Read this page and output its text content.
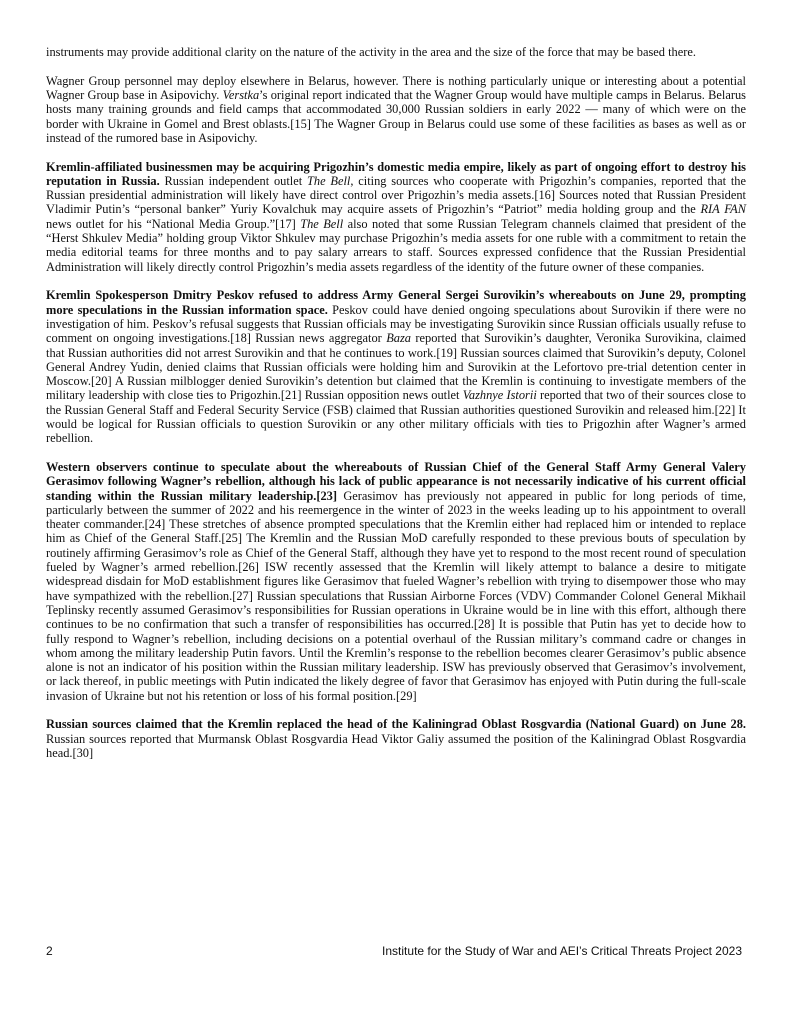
instruments may provide additional clarity on the nature of the activity in the area and the size of the force that may be based there.

Wagner Group personnel may deploy elsewhere in Belarus, however. There is nothing particularly unique or interesting about a potential Wagner Group base in Asipovichy. Verstka’s original report indicated that the Wagner Group would have multiple camps in Belarus. Belarus hosts many training grounds and field camps that accommodated 30,000 Russian soldiers in early 2022 — many of which were on the border with Ukraine in Gomel and Brest oblasts.[15] The Wagner Group in Belarus could use some of these facilities as bases as well as or instead of the rumored base in Asipovichy.

Kremlin-affiliated businessmen may be acquiring Prigozhin’s domestic media empire, likely as part of ongoing effort to destroy his reputation in Russia. Russian independent outlet The Bell, citing sources who cooperate with Prigozhin’s companies, reported that the Russian presidential administration will likely have direct control over Prigozhin’s media assets.[16] Sources noted that Russian President Vladimir Putin’s “personal banker” Yuriy Kovalchuk may acquire assets of Prigozhin’s “Patriot” media holding group and the RIA FAN news outlet for his “National Media Group.”[17] The Bell also noted that some Russian Telegram channels claimed that president of the “Herst Shkulev Media” holding group Viktor Shkulev may purchase Prigozhin’s media assets for one ruble with a commitment to retain the media editorial teams for three months and to pay salary arrears to staff. Sources expressed confidence that the Russian Presidential Administration will likely directly control Prigozhin’s media assets regardless of the identity of the future owner of these companies.

Kremlin Spokesperson Dmitry Peskov refused to address Army General Sergei Surovikin’s whereabouts on June 29, prompting more speculations in the Russian information space. Peskov could have denied ongoing speculations about Surovikin if there were no investigation of him. Peskov’s refusal suggests that Russian officials may be investigating Surovikin since Russian officials usually refuse to comment on ongoing investigations.[18] Russian news aggregator Baza reported that Surovikin’s daughter, Veronika Surovikina, claimed that Russian authorities did not arrest Surovikin and that he continues to work.[19] Russian sources claimed that Surovikin’s deputy, Colonel General Andrey Yudin, denied claims that Russian officials were holding him and Surovikin at the Lefortovo pre-trial detention center in Moscow.[20] A Russian milblogger denied Surovikin’s detention but claimed that the Kremlin is continuing to investigate members of the military leadership with close ties to Prigozhin.[21] Russian opposition news outlet Vazhnye Istorii reported that two of their sources close to the Russian General Staff and Federal Security Service (FSB) claimed that Russian authorities questioned Surovikin and released him.[22] It would be logical for Russian officials to question Surovikin or any other military officials with ties to Prigozhin after Wagner’s armed rebellion.

Western observers continue to speculate about the whereabouts of Russian Chief of the General Staff Army General Valery Gerasimov following Wagner’s rebellion, although his lack of public appearance is not necessarily indicative of his current official standing within the Russian military leadership.[23] Gerasimov has previously not appeared in public for long periods of time, particularly between the summer of 2022 and his reemergence in the winter of 2023 in the weeks leading up to his appointment to overall theater commander.[24] These stretches of absence prompted speculations that the Kremlin either had replaced him or intended to replace him as Chief of the General Staff.[25] The Kremlin and the Russian MoD carefully responded to these previous bouts of speculation by routinely affirming Gerasimov’s role as Chief of the General Staff, although they have yet to respond to the most recent round of speculation fueled by Wagner’s armed rebellion.[26] ISW recently assessed that the Kremlin will likely attempt to balance a desire to mitigate widespread disdain for MoD establishment figures like Gerasimov that fueled Wagner’s rebellion with trying to disempower those who may have sympathized with the rebellion.[27] Russian speculations that Russian Airborne Forces (VDV) Commander Colonel General Mikhail Teplinsky recently assumed Gerasimov’s responsibilities for Russian operations in Ukraine would be in line with this effort, although there continues to be no confirmation that such a transfer of responsibilities has occurred.[28] It is possible that Putin has yet to decide how to fully respond to Wagner’s rebellion, including decisions on a potential overhaul of the Russian military’s command cadre or changes in whom among the military leadership Putin favors. Until the Kremlin’s response to the rebellion becomes clearer Gerasimov’s public absence alone is not an indicator of his position within the Russian military leadership. ISW has previously observed that Gerasimov’s involvement, or lack thereof, in public meetings with Putin indicated the likely degree of favor that Gerasimov has enjoyed with Putin during the full-scale invasion of Ukraine but not his retention or loss of his formal position.[29]

Russian sources claimed that the Kremlin replaced the head of the Kaliningrad Oblast Rosgvardia (National Guard) on June 28. Russian sources reported that Murmansk Oblast Rosgvardia Head Viktor Galiy assumed the position of the Kaliningrad Oblast Rosgvardia head.[30]

2	Institute for the Study of War and AEI’s Critical Threats Project 2023
